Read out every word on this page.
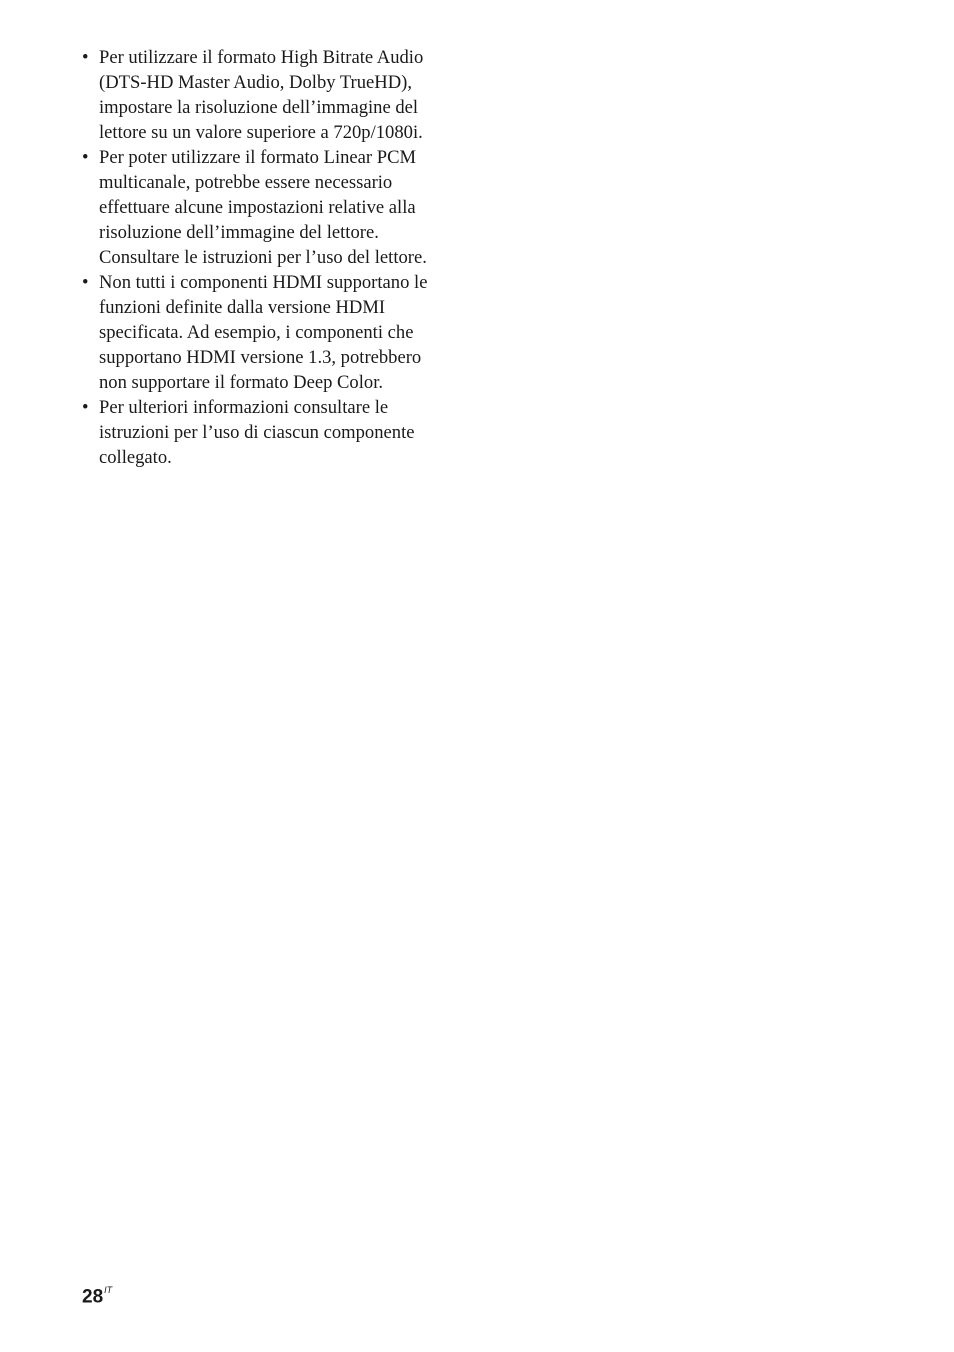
• Per utilizzare il formato High Bitrate Audio
(DTS-HD Master Audio, Dolby TrueHD),
impostare la risoluzione dell’immagine del
lettore su un valore superiore a 720p/1080i.
• Per poter utilizzare il formato Linear PCM
multicanale, potrebbe essere necessario
effettuare alcune impostazioni relative alla
risoluzione dell’immagine del lettore.
Consultare le istruzioni per l’uso del lettore.
• Non tutti i componenti HDMI supportano le
funzioni definite dalla versione HDMI
specificata. Ad esempio, i componenti che
supportano HDMI versione 1.3, potrebbero
non supportare il formato Deep Color.
• Per ulteriori informazioni consultare le
istruzioni per l’uso di ciascun componente
collegato.
$28^{IT}$
